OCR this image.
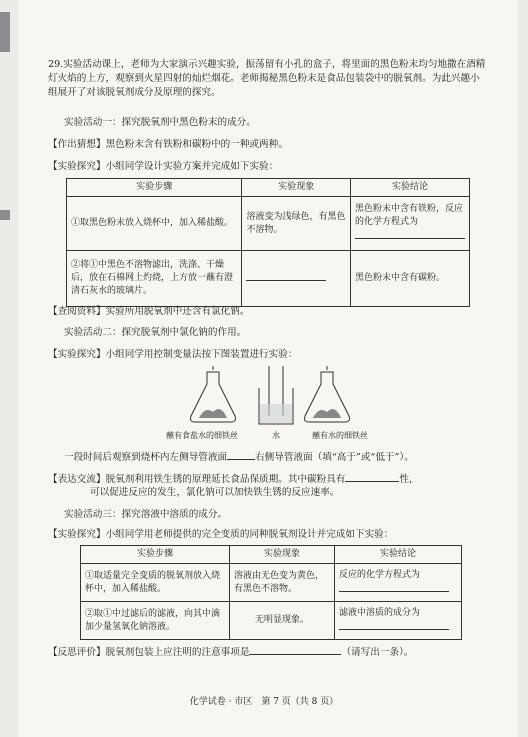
29.实验活动课上，老师为大家演示兴趣实验，振荡留有小孔的盒子，将里面的黑色粉末均匀地撒在酒精灯火焰的上方，观察到火星四射的灿烂烟花。老师揭秘黑色粉末是食品包装袋中的脱氧剂。为此兴趣小组展开了对该脱氧剂成分及原理的探究。
实验活动一：探究脱氧剂中黑色粉末的成分。
【作出猜想】黑色粉末含有铁粉和碳粉中的一种或两种。
【实验探究】小组同学设计实验方案并完成如下实验：
实验步骤	实验现象	实验结论
①取黑色粉末放入烧杯中，加入稀盐酸。	溶液变为浅绿色，有黑色不溶物。	黑色粉末中含有铁粉，反应的化学方程式为

②将①中黑色不溶物滤出，洗涤、干燥后，放在石棉网上灼烧，上方放一蘸有澄清石灰水的玻璃片。		黑色粉末中含有碳粉。
【查阅资料】实验所用脱氧剂中还含有氯化钠。
实验活动二：探究脱氧剂中氯化钠的作用。
【实验探究】小组同学用控制变量法按下图装置进行实验：
蘸有食盐水的细铁丝	水	蘸有水的细铁丝
一段时间后观察到烧杯内左侧导管液面	右侧导管液面（填“高于”或“低于”）。
【表达交流】脱氧剂利用铁生锈的原理延长食品保质期。其中碳粉具有	性，
可以促进反应的发生，氯化钠可以加快铁生锈的反应速率。
实验活动三：探究溶液中溶质的成分。
【实验探究】小组同学用老师提供的完全变质的同种脱氧剂设计并完成如下实验：
实验步骤	实验现象	实验结论
①取适量完全变质的脱氧剂放入烧杯中，加入稀盐酸。	溶液由无色变为黄色，有黑色不溶物。	反应的化学方程式为

②取①中过滤后的滤液，向其中滴加少量氢氧化钠溶液。	无明显现象。	滤液中溶质的成分为

【反思评价】脱氧剂包装上应注明的注意事项是	（请写出一条）。
化学试卷 · 市区　第 7 页（共 8 页）
